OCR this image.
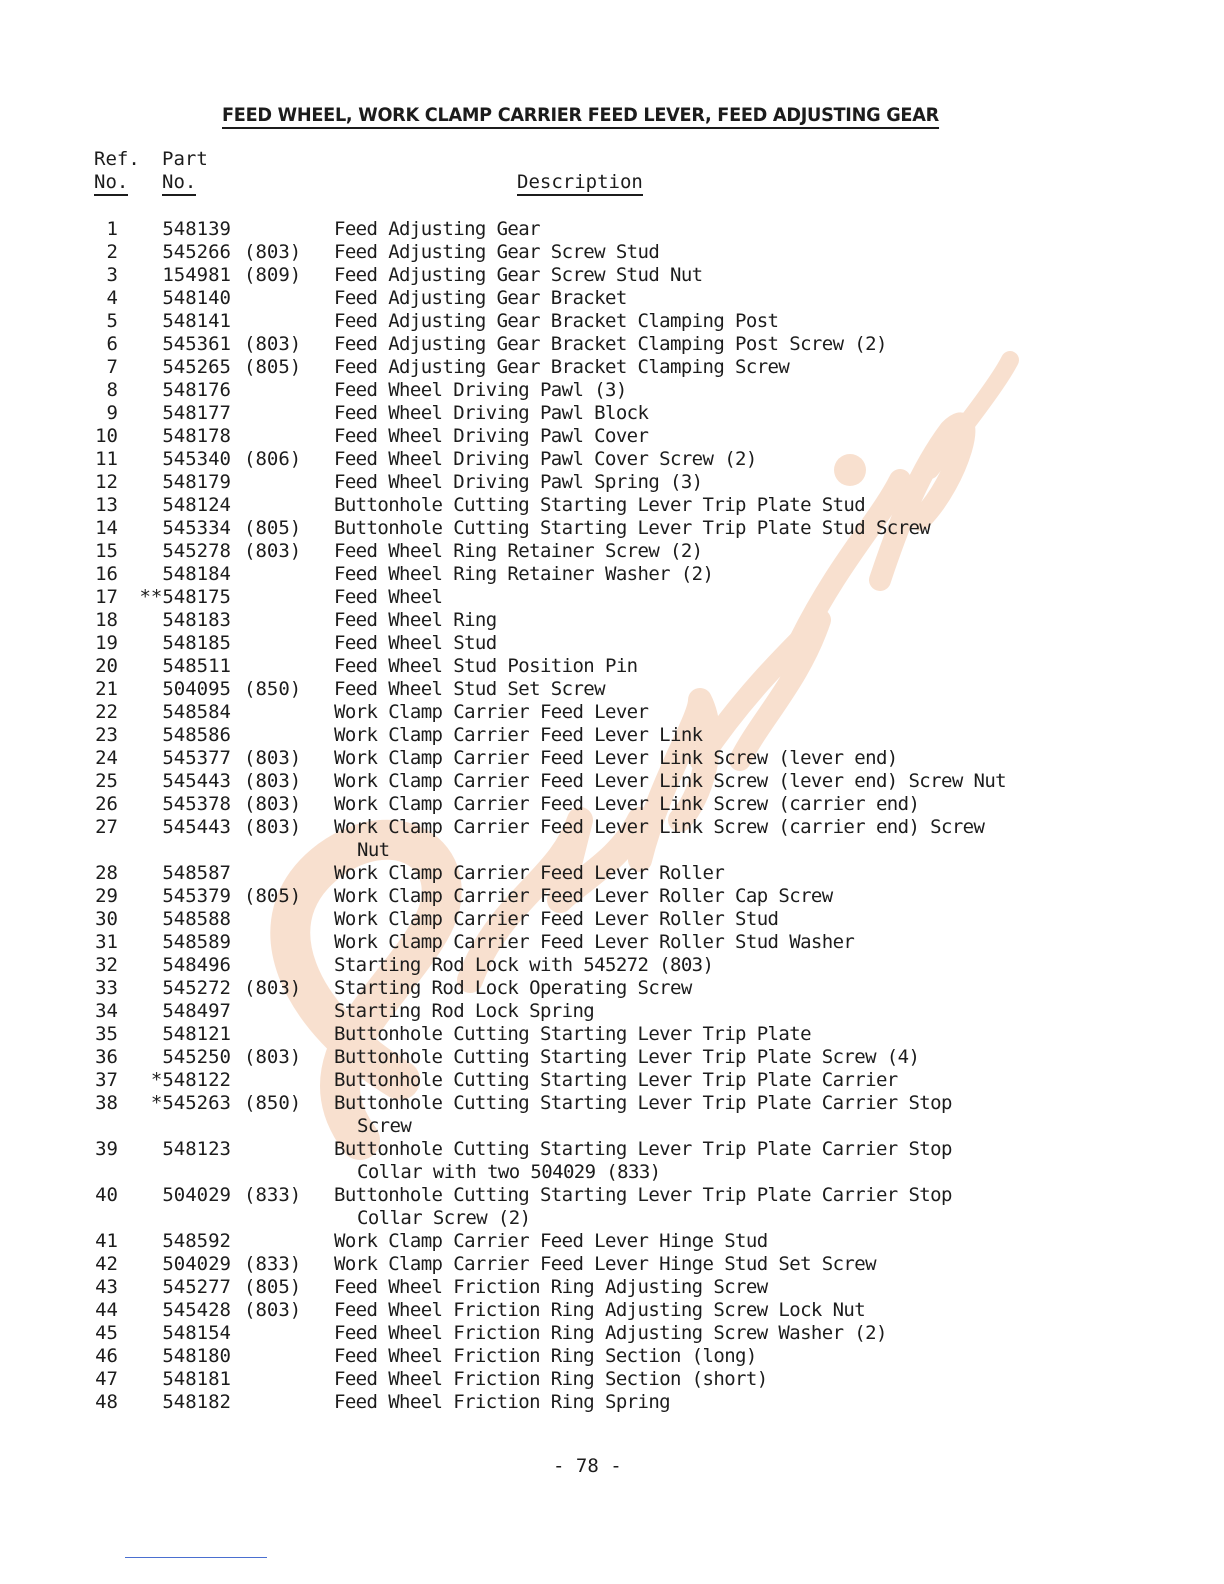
FEED WHEEL, WORK CLAMP CARRIER FEED LEVER, FEED ADJUSTING GEAR
Ref.
No.
Part
No.	Description
1	548139	Feed Adjusting Gear
2	545266 (803) Feed Adjusting Gear Screw Stud
3	154981 (809) Feed Adjusting Gear Screw Stud Nut
4	548140	Feed Adjusting Gear Bracket
5	548141	Feed Adjusting Gear Bracket Clamping Post
6	545361 (803) Feed Adjusting Gear Bracket Clamping Post Screw (2)
7	545265 (805) Feed Adjusting Gear Bracket Clamping Screw
8	548176	Feed Wheel Driving Pawl (3)
9	548177	Feed Wheel Driving Pawl Block
10	548178	Feed Wheel Driving Pawl Cover
11	545340 (806) Feed Wheel Driving Pawl Cover Screw (2)
12	548179	Feed Wheel Driving Pawl Spring (3)
13	548124	Buttonhole Cutting Starting Lever Trip Plate Stud
14	545334 (805) Buttonhole Cutting Starting Lever Trip Plate Stud Screw
15	545278 (803) Feed Wheel Ring Retainer Screw (2)
16	548184	Feed Wheel Ring Retainer Washer (2)
17 **548175	Feed Wheel
18	548183	Feed Wheel Ring
19	548185	Feed Wheel Stud
20	548511	Feed Wheel Stud Position Pin
21	504095 (850) Feed Wheel Stud Set Screw
22	548584	Work Clamp Carrier Feed Lever
23	548586	Work Clamp Carrier Feed Lever Link
24	545377 (803) Work Clamp Carrier Feed Lever Link Screw (lever end)
25	545443 (803) Work Clamp Carrier Feed Lever Link Screw (lever end) Screw Nut
26	545378 (803) Work Clamp Carrier Feed Lever Link Screw (carrier end)
27	545443 (803) Work Clamp Carrier Feed Lever Link Screw (carrier end) Screw
Nut
28	548587	Work Clamp Carrier Feed Lever Roller
29	545379 (805) Work Clamp Carrier Feed Lever Roller Cap Screw
30	548588	Work Clamp Carrier Feed Lever Roller Stud
31	548589	Work Clamp Carrier Feed Lever Roller Stud Washer
32	548496	Starting Rod Lock with 545272 (803)
33	545272 (803) Starting Rod Lock Operating Screw
34	548497	Starting Rod Lock Spring
35	548121	Buttonhole Cutting Starting Lever Trip Plate
36	545250 (803) Buttonhole Cutting Starting Lever Trip Plate Screw (4)
37	*548122	Buttonhole Cutting Starting Lever Trip Plate Carrier
38	*545263 (850) Buttonhole Cutting Starting Lever Trip Plate Carrier Stop
Screw
39	548123	Buttonhole Cutting Starting Lever Trip Plate Carrier Stop
Collar with two 504029 (833)
40	504029 (833) Buttonhole Cutting Starting Lever Trip Plate Carrier Stop
Collar Screw (2)
41	548592	Work Clamp Carrier Feed Lever Hinge Stud
42	504029 (833) Work Clamp Carrier Feed Lever Hinge Stud Set Screw
43	545277 (805) Feed Wheel Friction Ring Adjusting Screw
44	545428 (803) Feed Wheel Friction Ring Adjusting Screw Lock Nut
45	548154	Feed Wheel Friction Ring Adjusting Screw Washer (2)
46	548180	Feed Wheel Friction Ring Section (long)
47	548181	Feed Wheel Friction Ring Section (short)
48	548182	Feed Wheel Friction Ring Spring
- 78 -
